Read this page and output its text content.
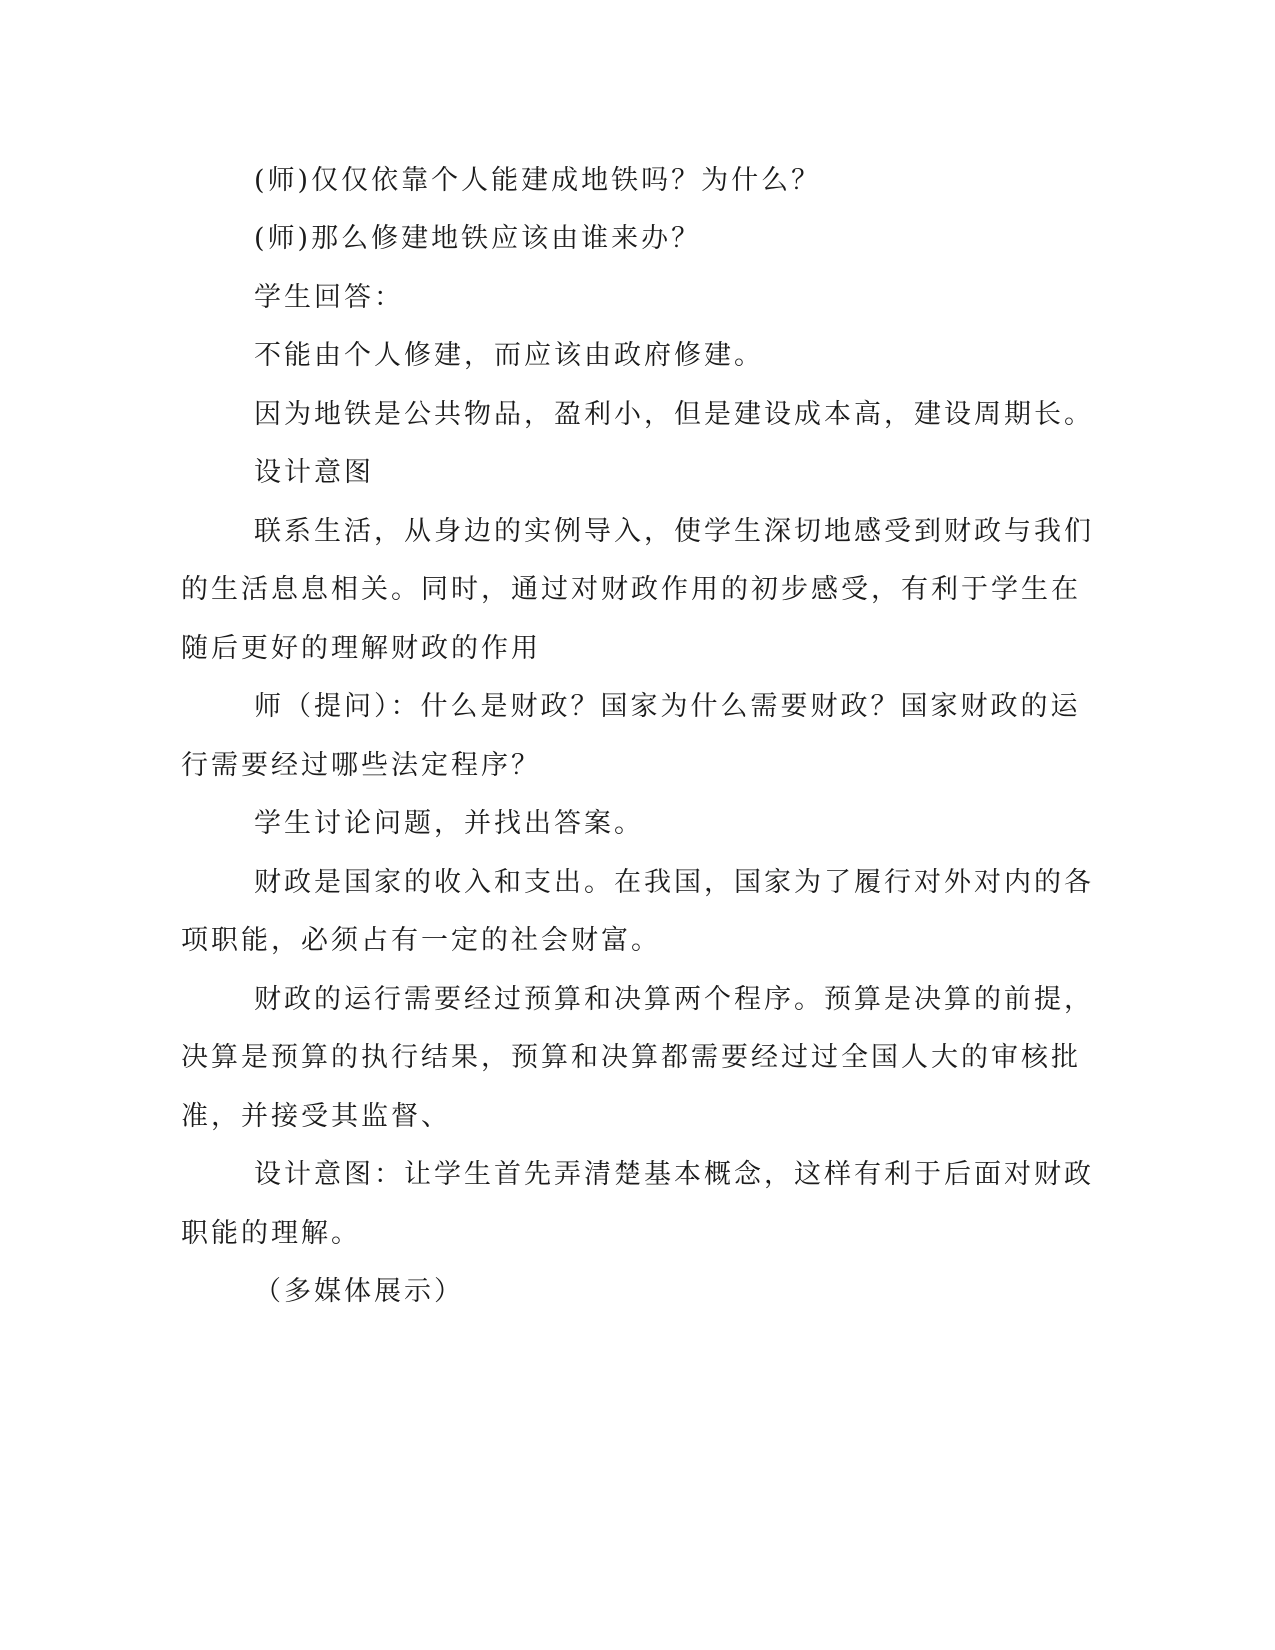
(师)仅仅依靠个人能建成地铁吗？为什么？
(师)那么修建地铁应该由谁来办？
学生回答：
不能由个人修建，而应该由政府修建。
因为地铁是公共物品，盈利小，但是建设成本高，建设周期长。
设计意图
联系生活，从身边的实例导入，使学生深切地感受到财政与我们
的生活息息相关。同时，通过对财政作用的初步感受，有利于学生在
随后更好的理解财政的作用
师（提问）：什么是财政？国家为什么需要财政？国家财政的运
行需要经过哪些法定程序？
学生讨论问题，并找出答案。
财政是国家的收入和支出。在我国，国家为了履行对外对内的各
项职能，必须占有一定的社会财富。
财政的运行需要经过预算和决算两个程序。预算是决算的前提，
决算是预算的执行结果，预算和决算都需要经过过全国人大的审核批
准，并接受其监督、
设计意图：让学生首先弄清楚基本概念，这样有利于后面对财政
职能的理解。
（多媒体展示）
